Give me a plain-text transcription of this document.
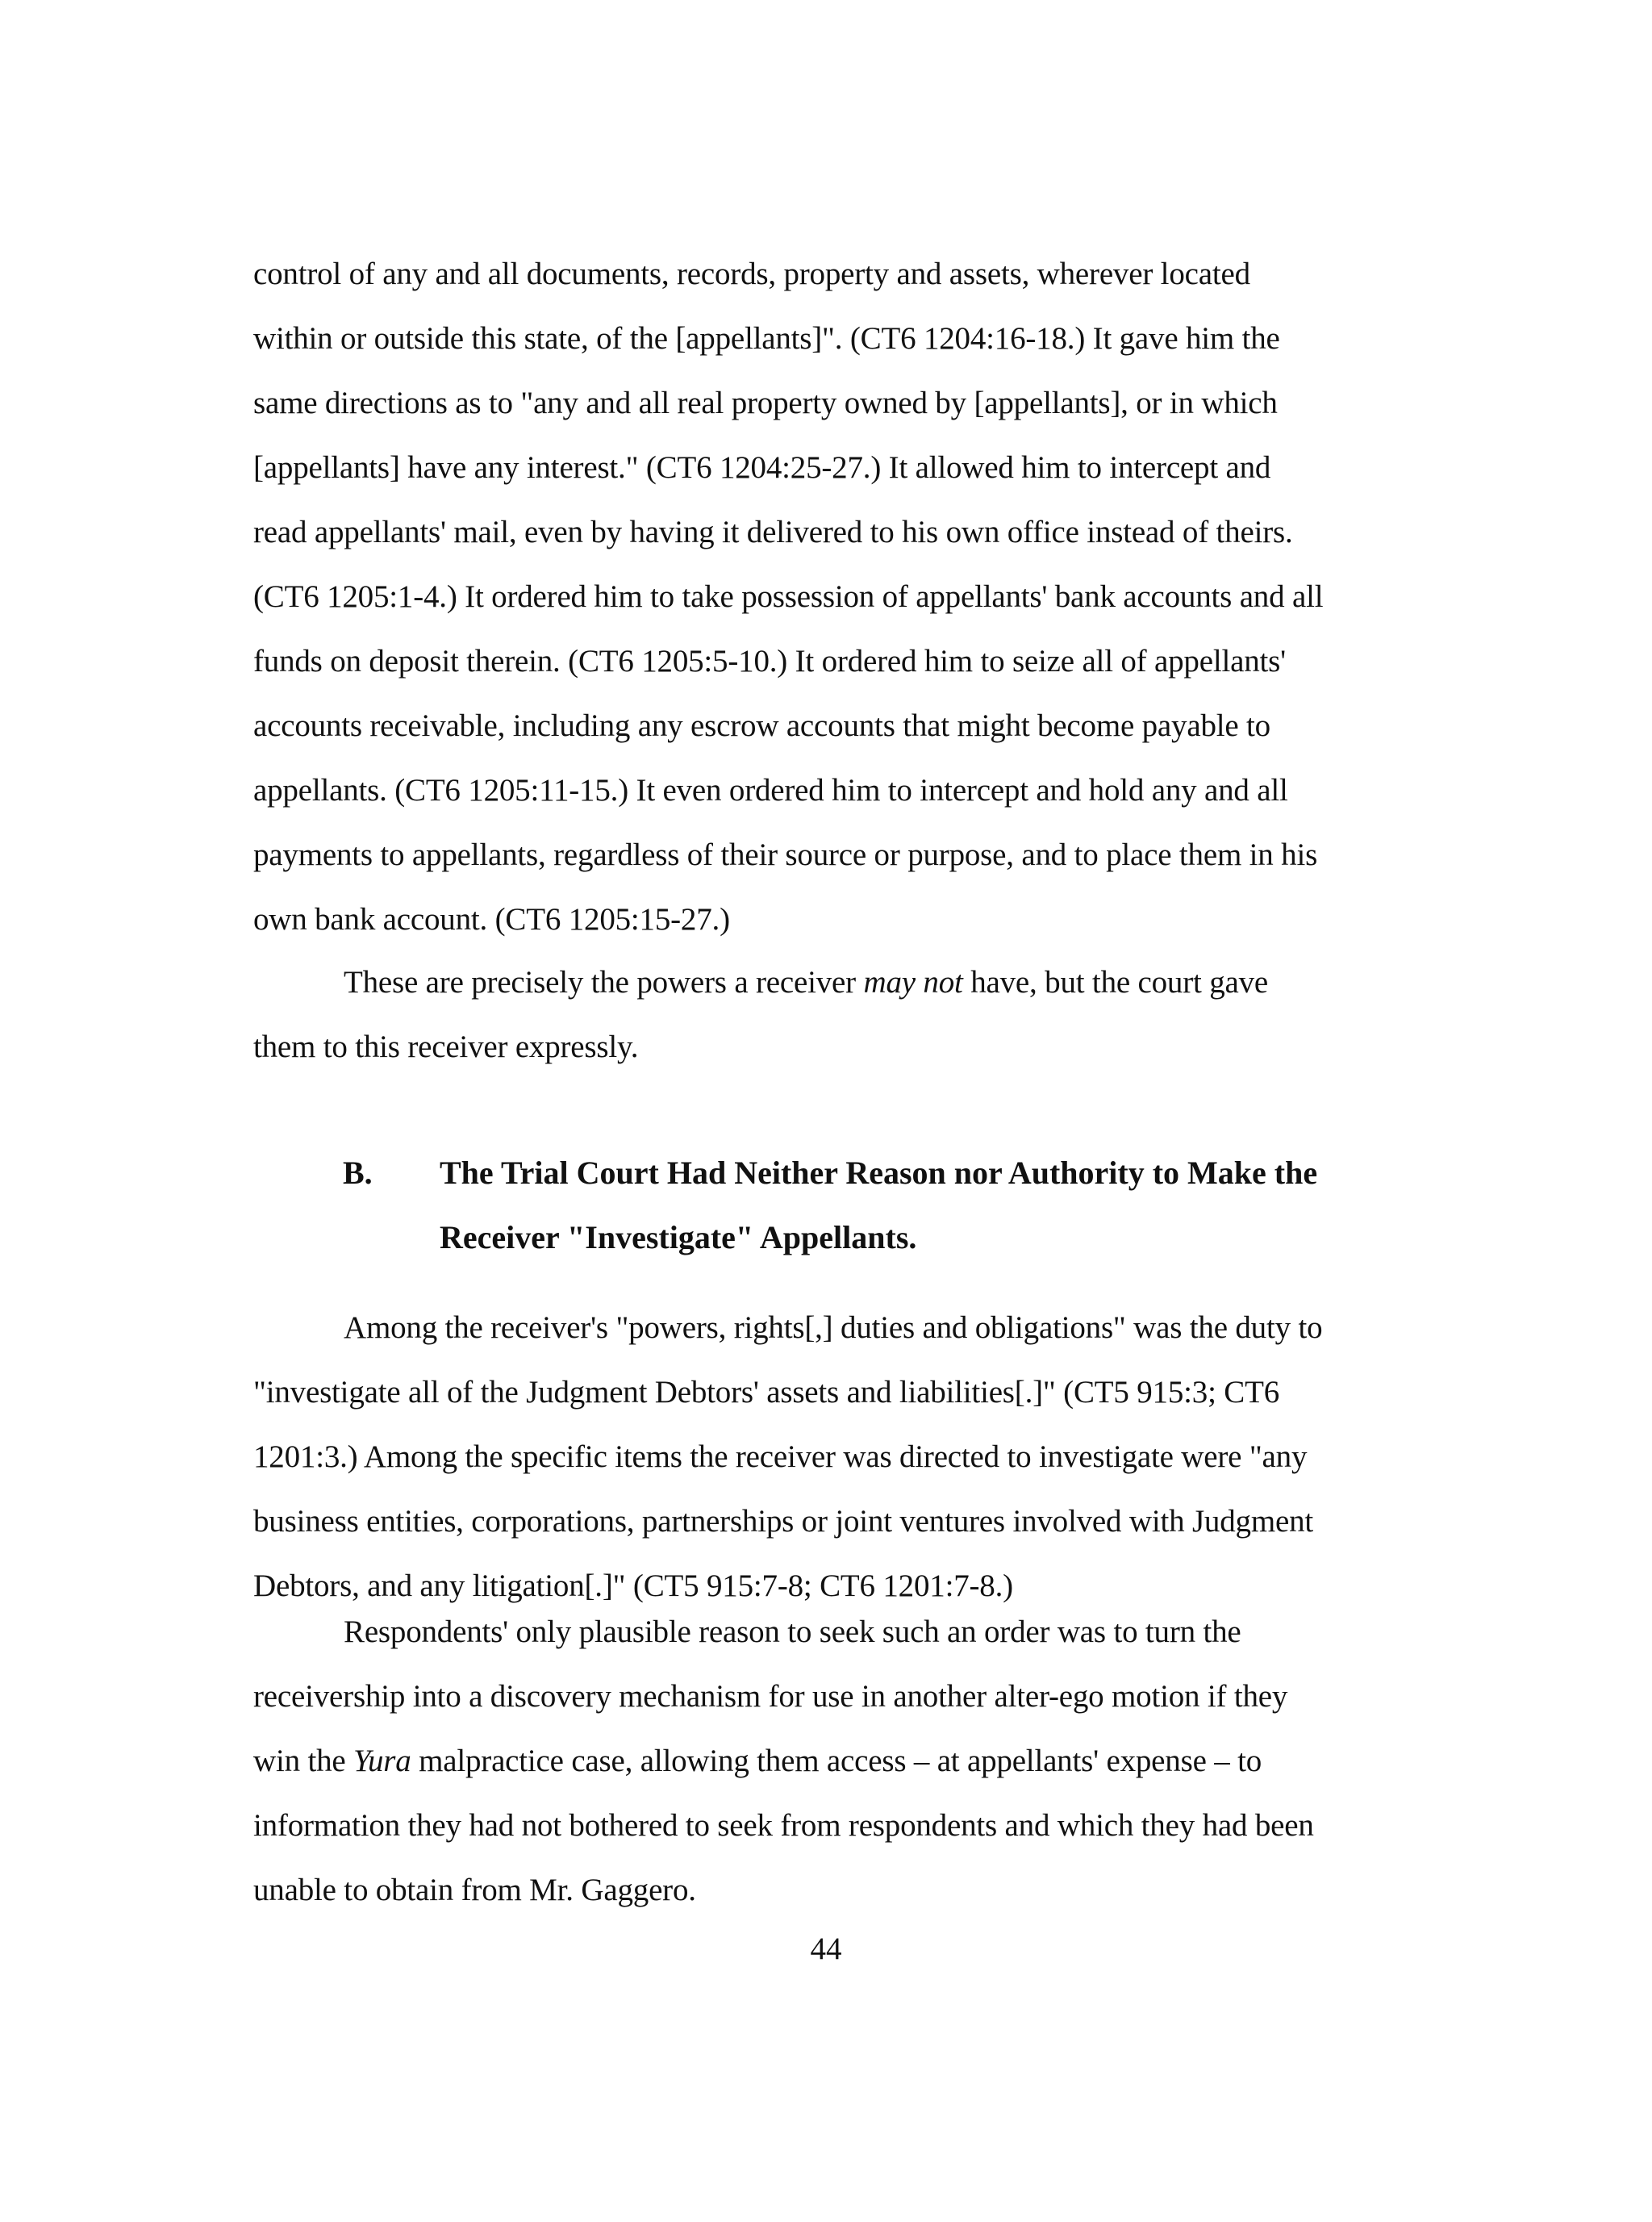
control of any and all documents, records, property and assets, wherever located
within or outside this state, of the [appellants]". (CT6 1204:16-18.) It gave him the
same directions as to "any and all real property owned by [appellants], or in which
[appellants] have any interest." (CT6 1204:25-27.) It allowed him to intercept and
read appellants' mail, even by having it delivered to his own office instead of theirs.
(CT6 1205:1-4.) It ordered him to take possession of appellants' bank accounts and all
funds on deposit therein. (CT6 1205:5-10.) It ordered him to seize all of appellants'
accounts receivable, including any escrow accounts that might become payable to
appellants. (CT6 1205:11-15.) It even ordered him to intercept and hold any and all
payments to appellants, regardless of their source or purpose, and to place them in his
own bank account. (CT6 1205:15-27.)
These are precisely the powers a receiver may not have, but the court gave
them to this receiver expressly.
B. The Trial Court Had Neither Reason nor Authority to Make the
Receiver "Investigate" Appellants.
Among the receiver's "powers, rights[,] duties and obligations" was the duty to
"investigate all of the Judgment Debtors' assets and liabilities[.]" (CT5 915:3; CT6
1201:3.) Among the specific items the receiver was directed to investigate were "any
business entities, corporations, partnerships or joint ventures involved with Judgment
Debtors, and any litigation[.]" (CT5 915:7-8; CT6 1201:7-8.)
Respondents' only plausible reason to seek such an order was to turn the
receivership into a discovery mechanism for use in another alter-ego motion if they
win the Yura malpractice case, allowing them access – at appellants' expense – to
information they had not bothered to seek from respondents and which they had been
unable to obtain from Mr. Gaggero.
44
